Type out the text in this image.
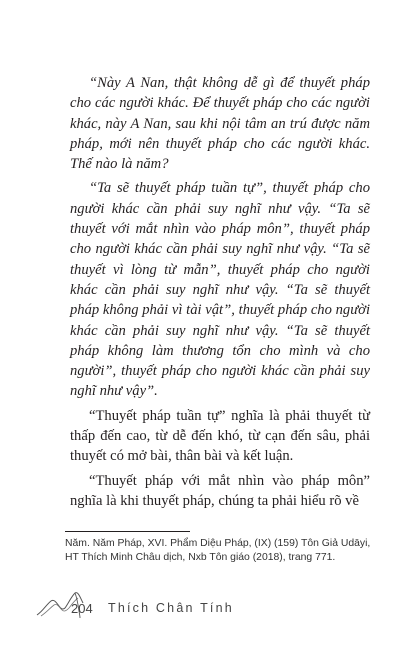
“Này A Nan, thật không dễ gì để thuyết pháp cho các người khác. Để thuyết pháp cho các người khác, này A Nan, sau khi nội tâm an trú được năm pháp, mới nên thuyết pháp cho các người khác. Thế nào là năm?

“Ta sẽ thuyết pháp tuần tự”, thuyết pháp cho người khác cần phải suy nghĩ như vậy. “Ta sẽ thuyết với mắt nhìn vào pháp môn”, thuyết pháp cho người khác cần phải suy nghĩ như vậy. “Ta sẽ thuyết vì lòng từ mẫn”, thuyết pháp cho người khác cần phải suy nghĩ như vậy. “Ta sẽ thuyết pháp không phải vì tài vật”, thuyết pháp cho người khác cần phải suy nghĩ như vậy. “Ta sẽ thuyết pháp không làm thương tổn cho mình và cho người”, thuyết pháp cho người khác cần phải suy nghĩ như vậy”.

“Thuyết pháp tuần tự” nghĩa là phải thuyết từ thấp đến cao, từ dễ đến khó, từ cạn đến sâu, phải thuyết có mở bài, thân bài và kết luận.

“Thuyết pháp với mắt nhìn vào pháp môn” nghĩa là khi thuyết pháp, chúng ta phải hiểu rõ về

Năm. Năm Pháp, XVI. Phẩm Diệu Pháp, (IX) (159) Tôn Giả Udāyi, HT Thích Minh Châu dịch, Nxb Tôn giáo (2018), trang 771.

204 Thích Chân Tính
